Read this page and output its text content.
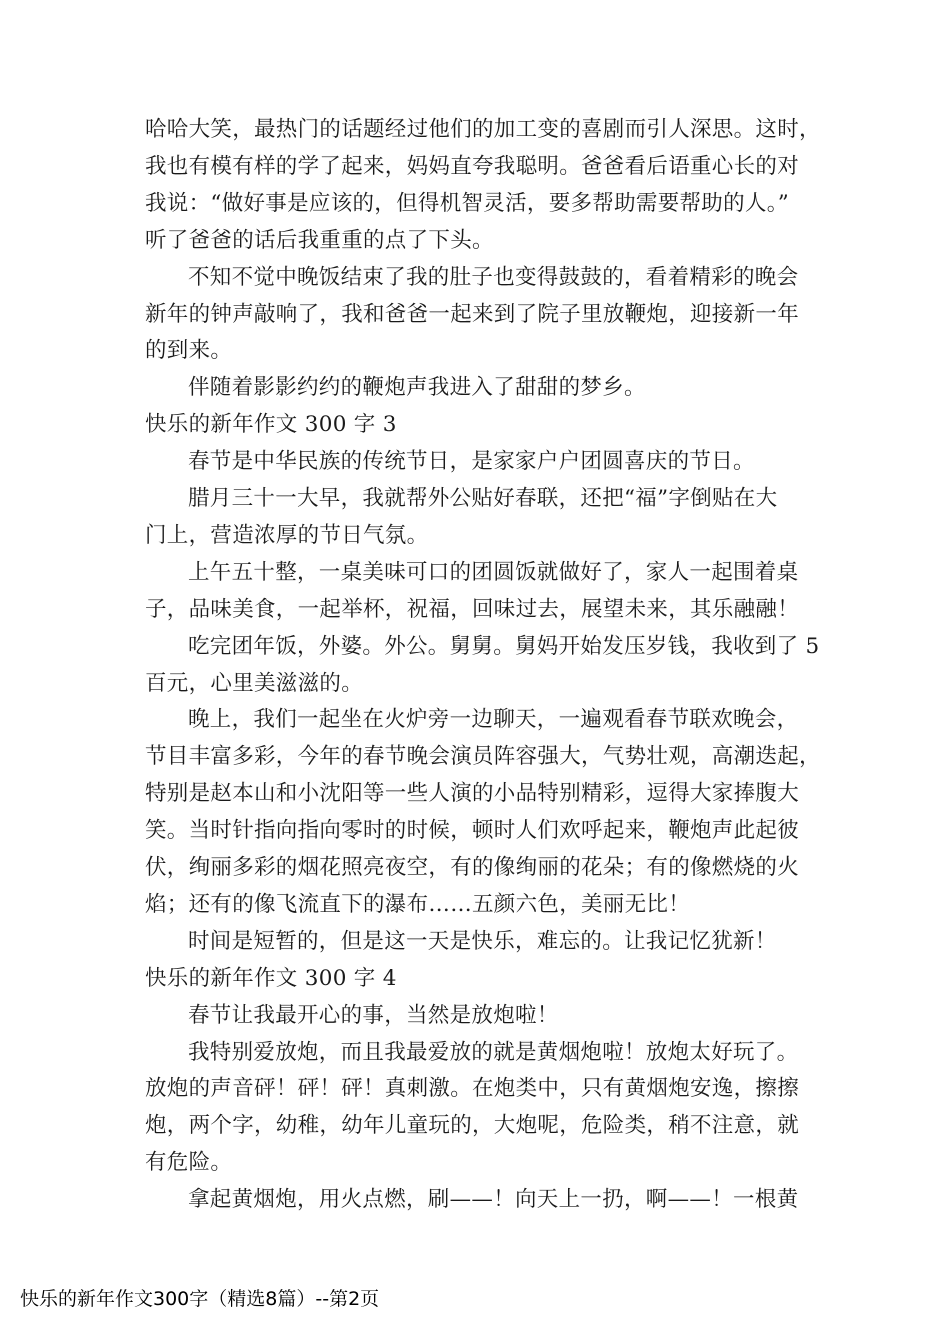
哈哈大笑，最热门的话题经过他们的加工变的喜剧而引人深思。这时，
我也有模有样的学了起来，妈妈直夸我聪明。爸爸看后语重心长的对
我说：“做好事是应该的，但得机智灵活，要多帮助需要帮助的人。”
听了爸爸的话后我重重的点了下头。
不知不觉中晚饭结束了我的肚子也变得鼓鼓的，看着精彩的晚会
新年的钟声敲响了，我和爸爸一起来到了院子里放鞭炮，迎接新一年
的到来。
伴随着影影约约的鞭炮声我进入了甜甜的梦乡。
快乐的新年作文 300 字 3
春节是中华民族的传统节日，是家家户户团圆喜庆的节日。
腊月三十一大早，我就帮外公贴好春联，还把“福”字倒贴在大
门上，营造浓厚的节日气氛。
上午五十整，一桌美味可口的团圆饭就做好了，家人一起围着桌
子，品味美食，一起举杯，祝福，回味过去，展望未来，其乐融融！
吃完团年饭，外婆。外公。舅舅。舅妈开始发压岁钱，我收到了 5
百元，心里美滋滋的。
晚上，我们一起坐在火炉旁一边聊天，一遍观看春节联欢晚会，
节目丰富多彩，今年的春节晚会演员阵容强大，气势壮观，高潮迭起，
特别是赵本山和小沈阳等一些人演的小品特别精彩，逗得大家捧腹大
笑。当时针指向指向零时的时候，顿时人们欢呼起来，鞭炮声此起彼
伏，绚丽多彩的烟花照亮夜空，有的像绚丽的花朵；有的像燃烧的火
焰；还有的像飞流直下的瀑布……五颜六色，美丽无比！
时间是短暂的，但是这一天是快乐，难忘的。让我记忆犹新！
快乐的新年作文 300 字 4
春节让我最开心的事，当然是放炮啦！
我特别爱放炮，而且我最爱放的就是黄烟炮啦！放炮太好玩了。
放炮的声音砰！砰！砰！真刺激。在炮类中，只有黄烟炮安逸，擦擦
炮，两个字，幼稚，幼年儿童玩的，大炮呢，危险类，稍不注意，就
有危险。
拿起黄烟炮，用火点燃，刷——！向天上一扔，啊——！一根黄
快乐的新年作文300字（精选8篇）--第2页
